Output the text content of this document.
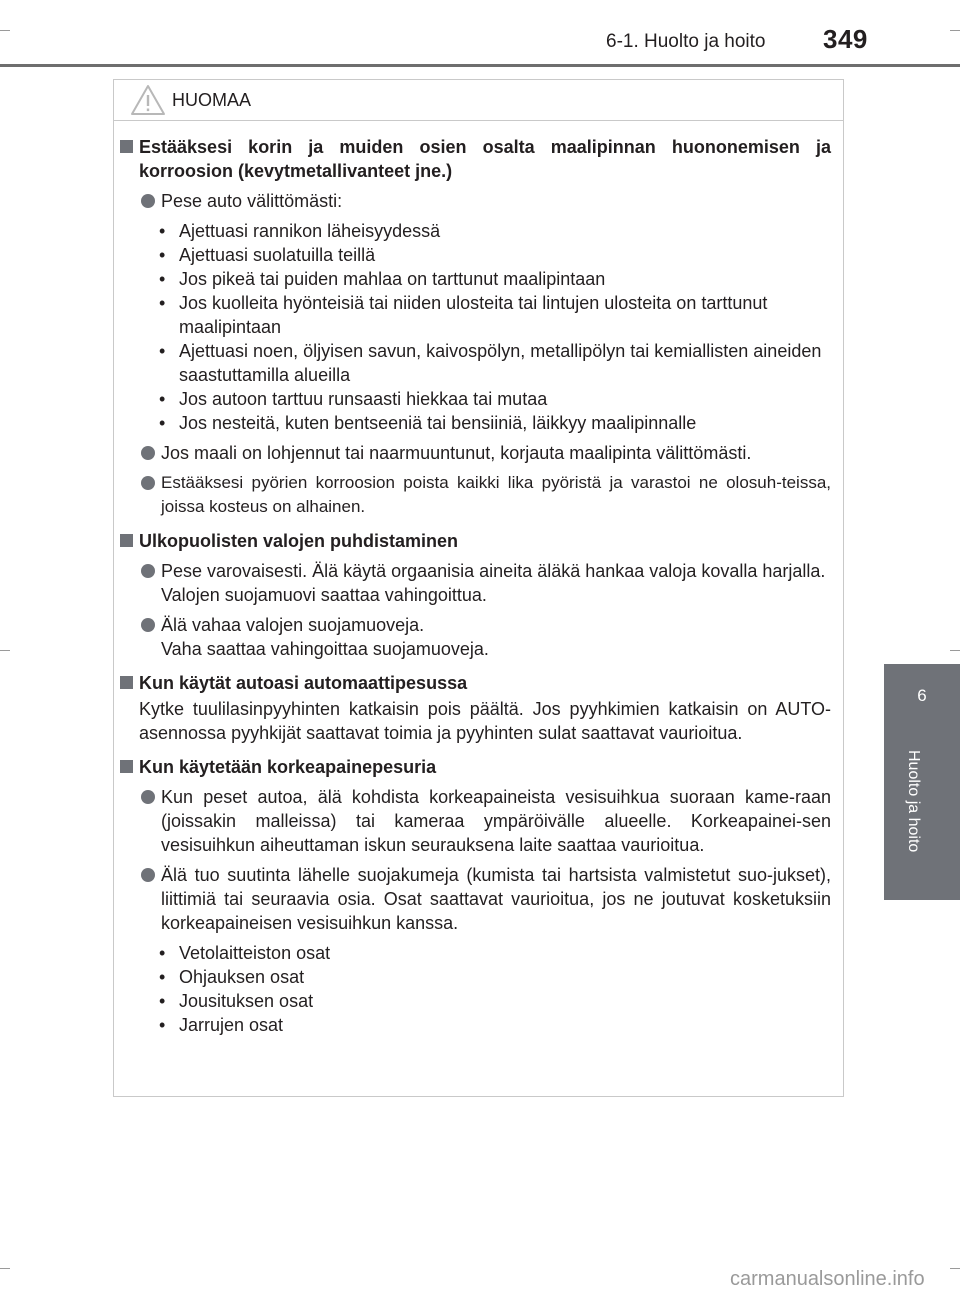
6-1. Huolto ja hoito 349
6
Huolto ja hoito
HUOMAA
Estääksesi korin ja muiden osien osalta maalipinnan huononemisen ja korroosion (kevytmetallivanteet jne.)
Pese auto välittömästi:
• Ajettuasi rannikon läheisyydessä
• Ajettuasi suolatuilla teillä
• Jos pikeä tai puiden mahlaa on tarttunut maalipintaan
• Jos kuolleita hyönteisiä tai niiden ulosteita tai lintujen ulosteita on tarttunut maalipintaan
• Ajettuasi noen, öljyisen savun, kaivospölyn, metallipölyn tai kemiallisten aineiden saastuttamilla alueilla
• Jos autoon tarttuu runsaasti hiekkaa tai mutaa
• Jos nesteitä, kuten bentseeniä tai bensiiniä, läikkyy maalipinnalle
Jos maali on lohjennut tai naarmuuntunut, korjauta maalipinta välittömästi.
Estääksesi pyörien korroosion poista kaikki lika pyöristä ja varastoi ne olosuh-teissa, joissa kosteus on alhainen.
Ulkopuolisten valojen puhdistaminen
Pese varovaisesti. Älä käytä orgaanisia aineita äläkä hankaa valoja kovalla harjalla.
Valojen suojamuovi saattaa vahingoittua.
Älä vahaa valojen suojamuoveja.
Vaha saattaa vahingoittaa suojamuoveja.
Kun käytät autoasi automaattipesussa
Kytke tuulilasinpyyhinten katkaisin pois päältä. Jos pyyhkimien katkaisin on AUTO-asennossa pyyhkijät saattavat toimia ja pyyhinten sulat saattavat vaurioitua.
Kun käytetään korkeapainepesuria
Kun peset autoa, älä kohdista korkeapaineista vesisuihkua suoraan kame-raan (joissakin malleissa) tai kameraa ympäröivälle alueelle. Korkeapainei-sen vesisuihkun aiheuttaman iskun seurauksena laite saattaa vaurioitua.
Älä tuo suutinta lähelle suojakumeja (kumista tai hartsista valmistetut suo-jukset), liittimiä tai seuraavia osia. Osat saattavat vaurioitua, jos ne joutuvat kosketuksiin korkeapaineisen vesisuihkun kanssa.
• Vetolaitteiston osat
• Ohjauksen osat
• Jousituksen osat
• Jarrujen osat
carmanualsonline.info
